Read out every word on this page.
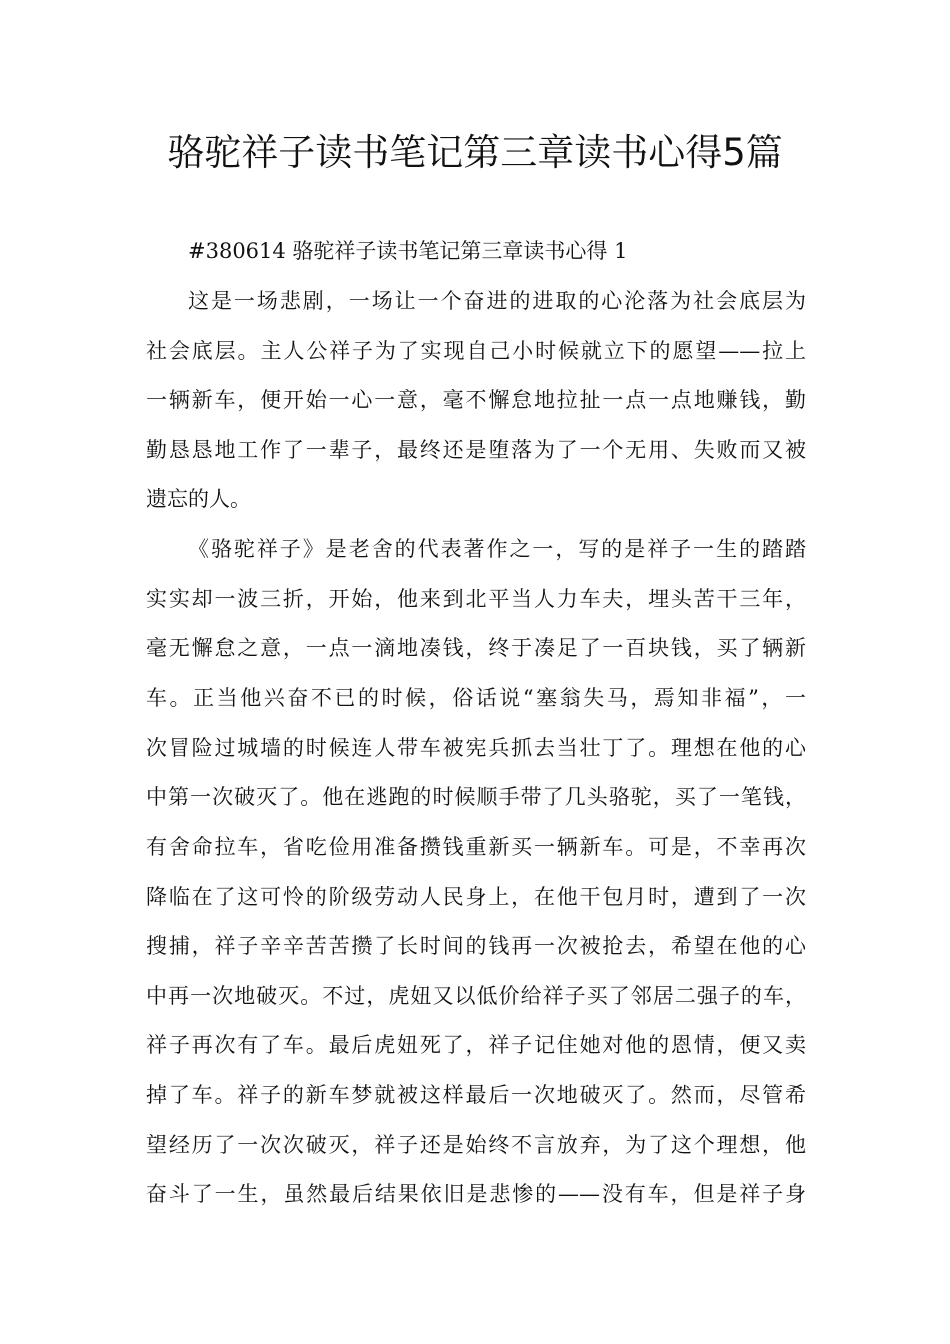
骆驼祥子读书笔记第三章读书心得5篇

#380614 骆驼祥子读书笔记第三章读书心得 1

这是一场悲剧，一场让一个奋进的进取的心沦落为社会底层为

社会底层。主人公祥子为了实现自己小时候就立下的愿望——拉上

一辆新车，便开始一心一意，毫不懈怠地拉扯一点一点地赚钱，勤

勤恳恳地工作了一辈子，最终还是堕落为了一个无用、失败而又被

遗忘的人。

《骆驼祥子》是老舍的代表著作之一，写的是祥子一生的踏踏

实实却一波三折，开始，他来到北平当人力车夫，埋头苦干三年，

毫无懈怠之意，一点一滴地凑钱，终于凑足了一百块钱，买了辆新

车。正当他兴奋不已的时候，俗话说“塞翁失马，焉知非福”，一

次冒险过城墙的时候连人带车被宪兵抓去当壮丁了。理想在他的心

中第一次破灭了。他在逃跑的时候顺手带了几头骆驼，买了一笔钱，

有舍命拉车，省吃俭用准备攒钱重新买一辆新车。可是，不幸再次

降临在了这可怜的阶级劳动人民身上，在他干包月时，遭到了一次

搜捕，祥子辛辛苦苦攒了长时间的钱再一次被抢去，希望在他的心

中再一次地破灭。不过，虎妞又以低价给祥子买了邻居二强子的车，

祥子再次有了车。最后虎妞死了，祥子记住她对他的恩情，便又卖

掉了车。祥子的新车梦就被这样最后一次地破灭了。然而，尽管希

望经历了一次次破灭，祥子还是始终不言放弃，为了这个理想，他

奋斗了一生，虽然最后结果依旧是悲惨的——没有车，但是祥子身
